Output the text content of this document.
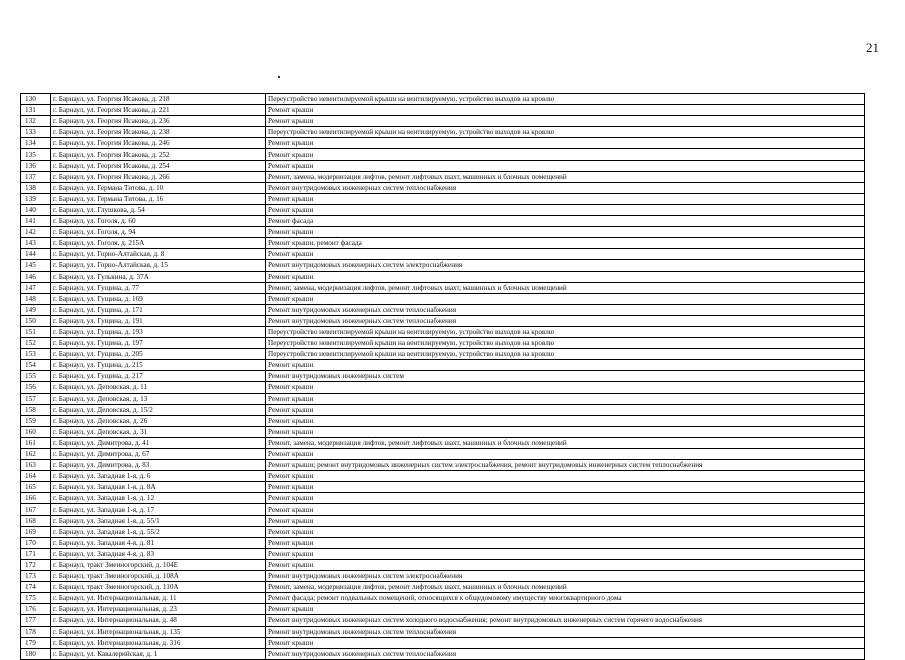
21
130	г. Барнаул, ул. Георгия Исакова, д. 218	Переустройство невентилируемой крыши на вентилируемую, устройство выходов на кровлю
131	г. Барнаул, ул. Георгия Исакова, д. 221	Ремонт крыши
132	г. Барнаул, ул. Георгия Исакова, д. 236	Ремонт крыши
133	г. Барнаул, ул. Георгия Исакова, д. 238	Переустройство невентилируемой крыши на вентилируемую, устройство выходов на кровлю
134	г. Барнаул, ул. Георгия Исакова, д. 246	Ремонт крыши
135	г. Барнаул, ул. Георгия Исакова, д. 252	Ремонт крыши
136	г. Барнаул, ул. Георгия Исакова, д. 254	Ремонт крыши
137	г. Барнаул, ул. Георгия Исакова, д. 266	Ремонт, замена, модернизация лифтов, ремонт лифтовых шахт, машинных и блочных помещений
138	г. Барнаул, ул. Германа Титова, д. 10	Ремонт внутридомовых инженерных систем теплоснабжения
139	г. Барнаул, ул. Германа Титова, д. 16	Ремонт крыши
140	г. Барнаул, ул. Глушкова, д. 54	Ремонт крыши
141	г. Барнаул, ул. Гоголя, д. 60	Ремонт фасада
142	г. Барнаул, ул. Гоголя, д. 94	Ремонт крыши
143	г. Барнаул, ул. Гоголя, д. 215А	Ремонт крыши, ремонт фасада
144	г. Барнаул, ул. Горно-Алтайская, д. 8	Ремонт крыши
145	г. Барнаул, ул. Горно-Алтайская, д. 15	Ремонт внутридомовых инженерных систем электроснабжения
146	г. Барнаул, ул. Гулькина, д. 37А	Ремонт крыши
147	г. Барнаул, ул. Гущина, д. 77	Ремонт, замена, модернизация лифтов, ремонт лифтовых шахт, машинных и блочных помещений
148	г. Барнаул, ул. Гущина, д. 169	Ремонт крыши
149	г. Барнаул, ул. Гущина, д. 171	Ремонт внутридомовых инженерных систем теплоснабжения
150	г. Барнаул, ул. Гущина, д. 191	Ремонт внутридомовых инженерных систем теплоснабжения
151	г. Барнаул, ул. Гущина, д. 193	Переустройство невентилируемой крыши на вентилируемую, устройство выходов на кровлю
152	г. Барнаул, ул. Гущина, д. 197	Переустройство невентилируемой крыши на вентилируемую, устройство выходов на кровлю
153	г. Барнаул, ул. Гущина, д. 205	Переустройство невентилируемой крыши на вентилируемую, устройство выходов на кровлю
154	г. Барнаул, ул. Гущина, д. 215	Ремонт крыши
155	г. Барнаул, ул. Гущина, д. 217	Ремонт внутридомовых инженерных систем
156	г. Барнаул, ул. Деповская, д. 11	Ремонт крыши
157	г. Барнаул, ул. Деповская, д. 13	Ремонт крыши
158	г. Барнаул, ул. Деповская, д. 15/2	Ремонт крыши
159	г. Барнаул, ул. Деповская, д. 26	Ремонт крыши
160	г. Барнаул, ул. Деповская, д. 31	Ремонт крыши
161	г. Барнаул, ул. Димитрова, д. 41	Ремонт, замена, модернизация лифтов, ремонт лифтовых шахт, машинных и блочных помещений
162	г. Барнаул, ул. Димитрова, д. 67	Ремонт крыши
163	г. Барнаул, ул. Димитрова, д. 83	Ремонт крыши; ремонт внутридомовых инженерных систем электроснабжения, ремонт внутридомовых инженерных систем теплоснабжения
164	г. Барнаул, ул. Западная 1-я, д. 6	Ремонт крыши
165	г. Барнаул, ул. Западная 1-я, д. 8А	Ремонт крыши
166	г. Барнаул, ул. Западная 1-я, д. 12	Ремонт крыши
167	г. Барнаул, ул. Западная 1-я, д. 17	Ремонт крыши
168	г. Барнаул, ул. Западная 1-я, д. 55/1	Ремонт крыши
169	г. Барнаул, ул. Западная 1-я, д. 55/2	Ремонт крыши
170	г. Барнаул, ул. Западная 4-я, д. 81	Ремонт крыши
171	г. Барнаул, ул. Западная 4-я, д. 83	Ремонт крыши
172	г. Барнаул, тракт Змеиногорский, д. 104Е	Ремонт крыши
173	г. Барнаул, тракт Змеиногорский, д. 108А	Ремонт внутридомовых инженерных систем электроснабжения
174	г. Барнаул, тракт Змеиногорский, д. 110А	Ремонт, замена, модернизация лифтов, ремонт лифтовых шахт, машинных и блочных помещений
175	г. Барнаул, ул. Интернациональная, д. 11	Ремонт фасада; ремонт подвальных помещений, относящихся к общедомовому имуществу многоквартирного дома
176	г. Барнаул, ул. Интернациональная, д. 23	Ремонт крыши
177	г. Барнаул, ул. Интернациональная, д. 48	Ремонт внутридомовых инженерных систем холодного водоснабжения; ремонт внутридомовых инженерных систем горячего водоснабжения
178	г. Барнаул, ул. Интернациональная, д. 135	Ремонт внутридомовых инженерных систем теплоснабжения
179	г. Барнаул, ул. Интернациональная, д. 316	Ремонт крыши
180	г. Барнаул, ул. Кавалерийская, д. 1	Ремонт внутридомовых инженерных систем теплоснабжения
